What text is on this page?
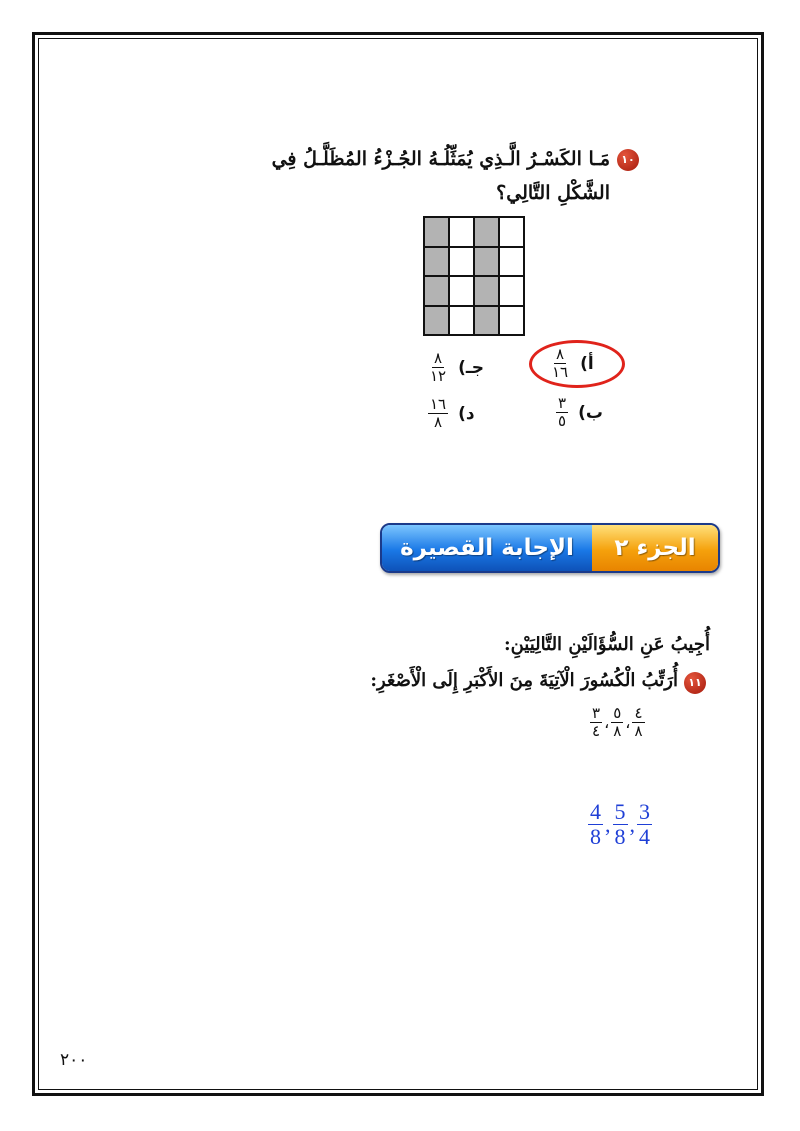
١٠
مَـا الكَسْـرُ الَّـذِي يُمَثِّلُـهُ الجُـزْءُ المُظَلَّـلُ فِي
الشَّكْلِ التَّالِي؟
أ)
$\frac{٨}{١٦}$
ب)
$\frac{٣}{٥}$
جـ)
$\frac{٨}{١٢}$
د)
$\frac{١٦}{٨}$
الإجابة القصيرة	الجزء ٢
أُجِيبُ عَنِ السُّؤَالَيْنِ التَّالِيَيْنِ:
١١
أُرَتِّبُ الْكُسُورَ الْآتِيَةَ مِنَ الأَكْبَرِ إِلَى الْأَصْغَرِ:
$\frac{٤}{٨}$
،
$\frac{٥}{٨}$
،
$\frac{٣}{٤}$
$\frac{4}{8}$ , $\frac{5}{8}$ , $\frac{3}{4}$
٢٠٠
